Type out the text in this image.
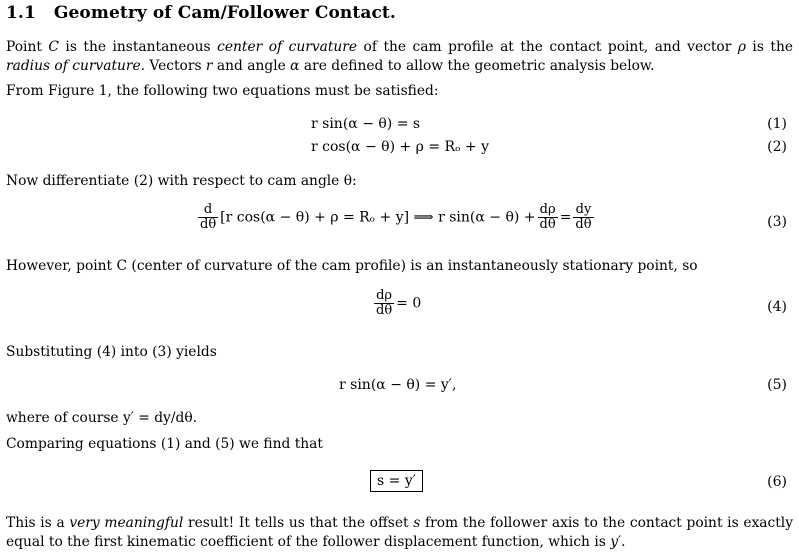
1.1 Geometry of Cam/Follower Contact.
Point C is the instantaneous center of curvature of the cam profile at the contact point, and vector ρ is the radius of curvature. Vectors r and angle α are defined to allow the geometric analysis below.
From Figure 1, the following two equations must be satisfied:
r sin(α − θ) = s	(1)
r cos(α − θ) + ρ = Rₒ + y	(2)
Now differentiate (2) with respect to cam angle θ:
$\frac{d}{d\theta} [r$ cos(α − θ) + ρ = Rₒ + y] ⟹ r $\sin(\alpha - \theta) + \frac{d\rho}{d\theta} = \frac{dy}{d\theta}$	(3)
However, point C (center of curvature of the cam profile) is an instantaneously stationary point, so
$\frac{d\rho}{d\theta} = 0$	(4)
Substituting (4) into (3) yields
r sin(α − θ) = y′,	(5)
where of course y′ = dy/dθ.
Comparing equations (1) and (5) we find that
s = y′	(6)
This is a very meaningful result! It tells us that the offset s from the follower axis to the contact point is exactly equal to the first kinematic coefficient of the follower displacement function, which is y′.
